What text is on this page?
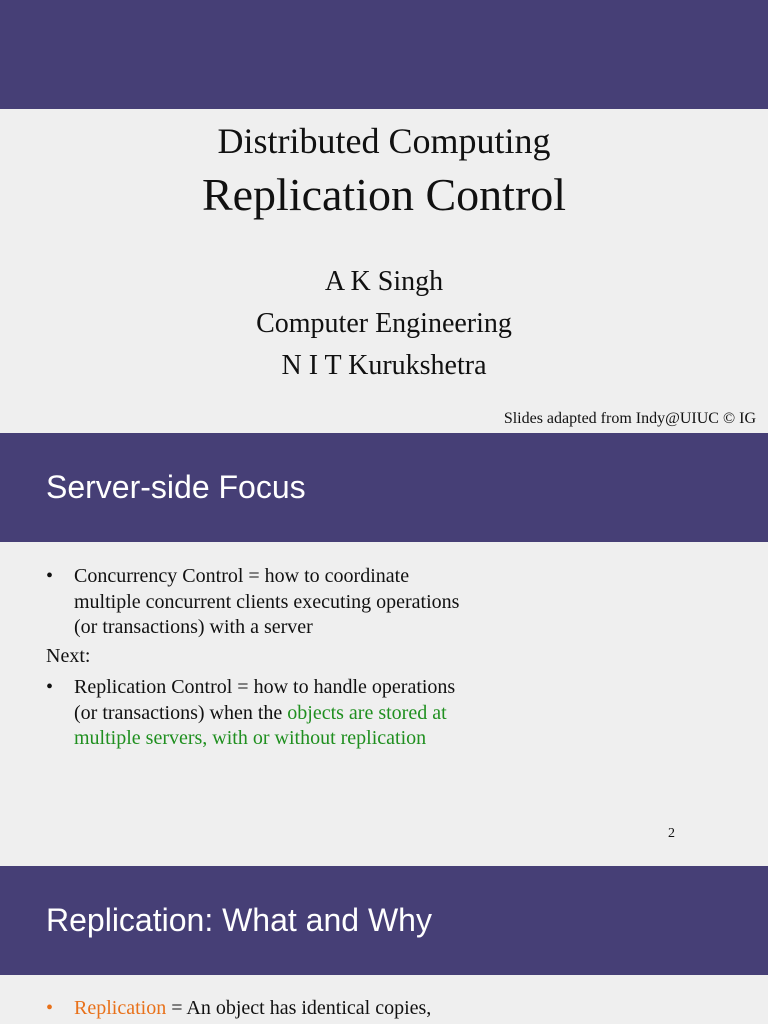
Distributed Computing
Replication Control
A K Singh
Computer Engineering
N I T Kurukshetra
Slides adapted from Indy@UIUC © IG
Server-side Focus
•	Concurrency Control = how to coordinate
multiple concurrent clients executing operations
(or transactions) with a server
Next:
•	Replication Control = how to handle operations
(or transactions) when the objects are stored at
multiple servers, with or without replication
2
Replication: What and Why
•	Replication = An object has identical copies,
